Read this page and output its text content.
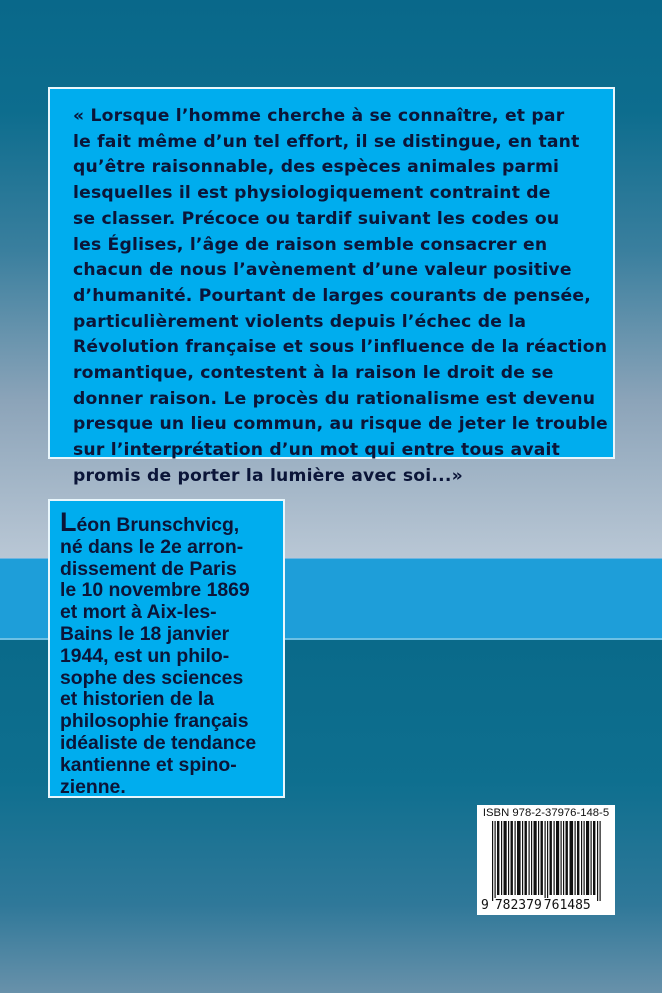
« Lorsque l’homme cherche à se connaître, et par
le fait même d’un tel effort, il se distingue, en tant
qu’être raisonnable, des espèces animales parmi
lesquelles il est physiologiquement contraint de
se classer. Précoce ou tardif suivant les codes ou
les Églises, l’âge de raison semble consacrer en
chacun de nous l’avènement d’une valeur positive
d’humanité. Pourtant de larges courants de pensée,
particulièrement violents depuis l’échec de la
Révolution française et sous l’influence de la réaction
romantique, contestent à la raison le droit de se
donner raison. Le procès du rationalisme est devenu
presque un lieu commun, au risque de jeter le trouble
sur l’interprétation d’un mot qui entre tous avait
promis de porter la lumière avec soi...»
Léon Brunschvicg,
né dans le 2e arron-
dissement de Paris
le 10 novembre 1869
et mort à Aix-les-
Bains le 18 janvier
1944, est un philo-
sophe des sciences
et historien de la
philosophie français
idéaliste de tendance
kantienne et spino-
zienne.
ISBN 978-2-37976-148-5
9 782379 761485
